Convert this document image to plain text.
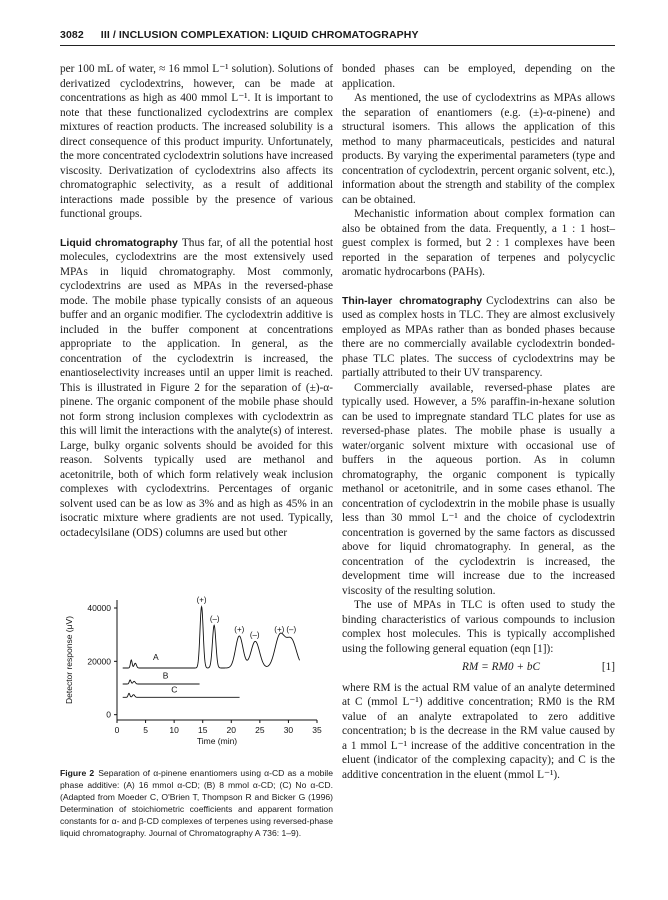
3082 III / INCLUSION COMPLEXATION: LIQUID CHROMATOGRAPHY

per 100 mL of water, ≈ 16 mmol L⁻¹ solution). Solutions of derivatized cyclodextrins, however, can be made at concentrations as high as 400 mmol L⁻¹. It is important to note that these functionalized cyclodextrins are complex mixtures of reaction products. The increased solubility is a direct consequence of this product impurity. Unfortunately, the more concentrated cyclodextrin solutions have increased viscosity. Derivatization of cyclodextrins also affects its chromatographic selectivity, as a result of additional interactions made possible by the presence of various functional groups.

Liquid chromatography Thus far, of all the potential host molecules, cyclodextrins are the most extensively used MPAs in liquid chromatography. Most commonly, cyclodextrins are used as MPAs in the reversed-phase mode. The mobile phase typically consists of an aqueous buffer and an organic modifier. The cyclodextrin additive is included in the buffer component at concentrations appropriate to the application. In general, as the concentration of the cyclodextrin is increased, the enantioselectivity increases until an upper limit is reached. This is illustrated in Figure 2 for the separation of (±)-α-pinene. The organic component of the mobile phase should not form strong inclusion complexes with cyclodextrin as this will limit the interactions with the analyte(s) of interest. Large, bulky organic solvents should be avoided for this reason. Solvents typically used are methanol and acetonitrile, both of which form relatively weak inclusion complexes with cyclodextrins. Percentages of organic solvent used can be as low as 3% and as high as 45% in an isocratic mixture where gradients are not used. Typically, octadecylsilane (ODS) columns are used but other

bonded phases can be employed, depending on the application.

As mentioned, the use of cyclodextrins as MPAs allows the separation of enantiomers (e.g. (±)-α-pinene) and structural isomers. This allows the application of this method to many pharmaceuticals, pesticides and natural products. By varying the experimental parameters (type and concentration of cyclodextrin, percent organic solvent, etc.), information about the strength and stability of the complex can be obtained.

Mechanistic information about complex formation can also be obtained from the data. Frequently, a 1 : 1 host–guest complex is formed, but 2 : 1 complexes have been reported in the separation of terpenes and polycyclic aromatic hydrocarbons (PAHs).

Thin-layer chromatography Cyclodextrins can also be used as complex hosts in TLC. They are almost exclusively employed as MPAs rather than as bonded phases because there are no commercially available cyclodextrin bonded-phase TLC plates. The success of cyclodextrins may be partially attributed to their UV transparency.

Commercially available, reversed-phase plates are typically used. However, a 5% paraffin-in-hexane solution can be used to impregnate standard TLC plates for use as reversed-phase plates. The mobile phase is usually a water/organic solvent mixture with occasional use of buffers in the aqueous portion. As in column chromatography, the organic component is typically methanol or acetonitrile, and in some cases ethanol. The concentration of cyclodextrin in the mobile phase is usually less than 30 mmol L⁻¹ and the choice of cyclodextrin concentration is governed by the same factors as discussed above for liquid chromatography. In general, as the concentration of the cyclodextrin is increased, the development time will increase due to the increased viscosity of the resulting solution.

The use of MPAs in TLC is often used to study the binding characteristics of various compounds to inclusion complex host molecules. This is typically accomplished using the following general equation (eqn [1]):

RM = RM0 + bC	[1]

where RM is the actual RM value of an analyte determined at C (mmol L⁻¹) additive concentration; RM0 is the RM value of an analyte extrapolated to zero additive concentration; b is the decrease in the RM value caused by a 1 mmol L⁻¹ increase of the additive concentration in the eluent (indicator of the complexing capacity); and C is the additive concentration in the eluent (mmol L⁻¹).

0	5	10 15 20 25 30 35
0
20000
40000
Time (min)
Detector response (μV)	A
B
C
(+)
(–)
(+)
(–)
(+) (–)
Figure 2 Separation of α-pinene enantiomers using α-CD as a mobile phase additive: (A) 16 mmol α-CD; (B) 8 mmol α-CD; (C) No α-CD. (Adapted from Moeder C, O'Brien T, Thompson R and Bicker G (1996) Determination of stoichiometric coefficients and apparent formation constants for α- and β-CD complexes of terpenes using reversed-phase liquid chromatography. Journal of Chromatography A 736: 1–9).
